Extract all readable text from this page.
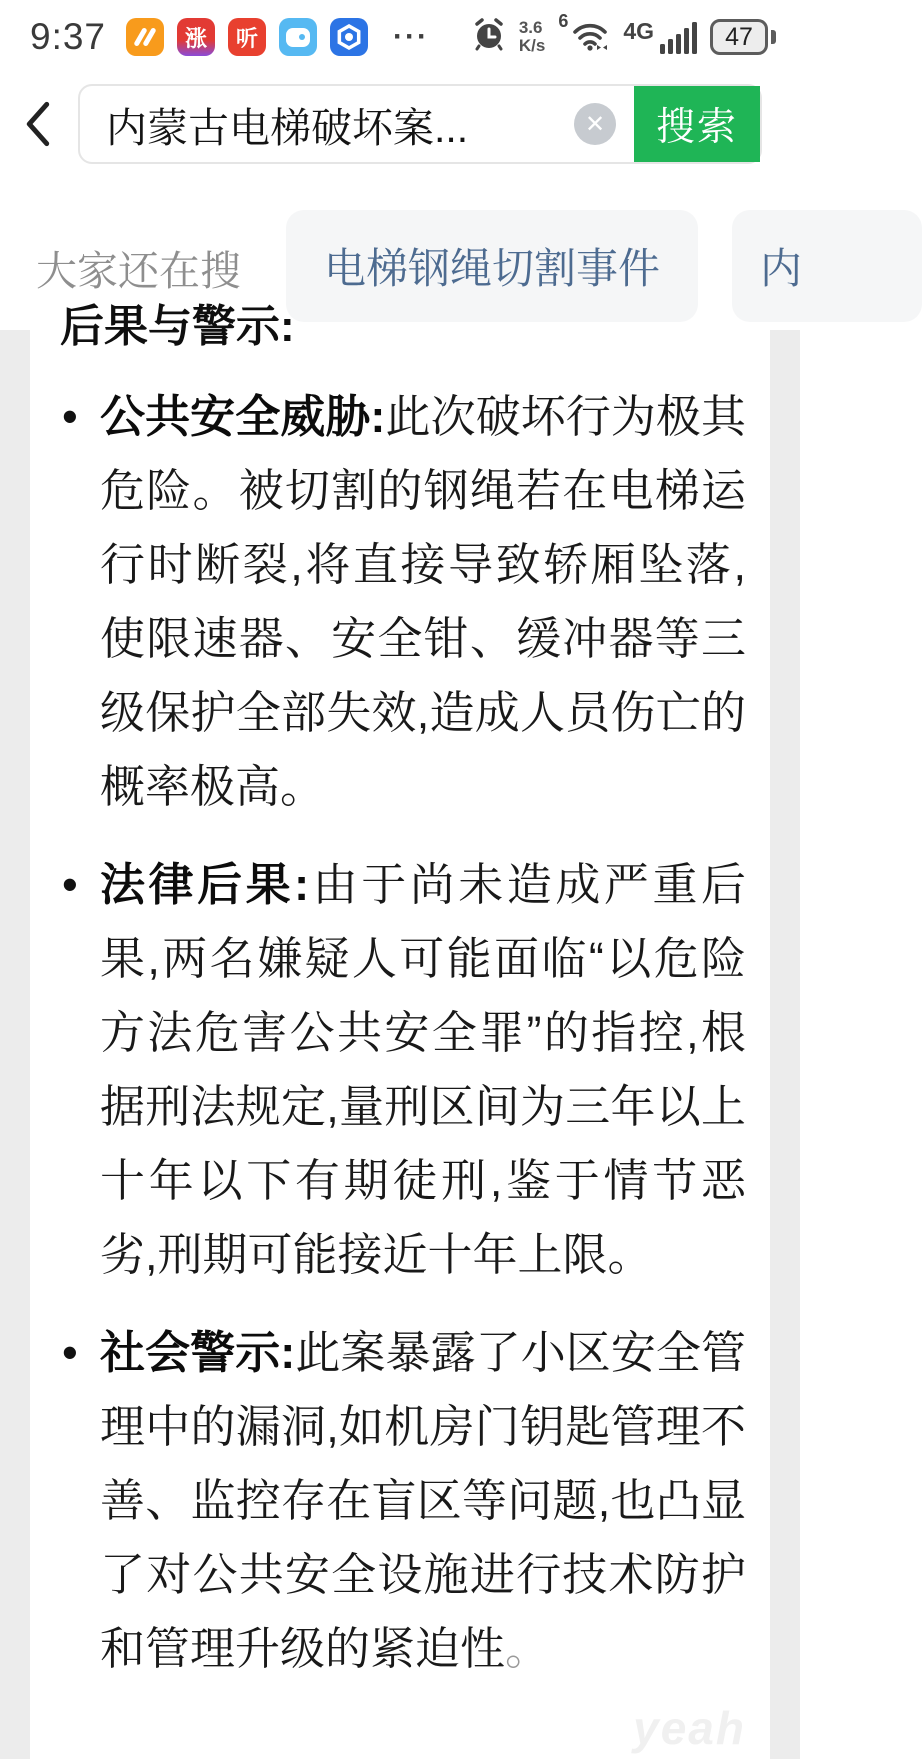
9:37	涨 听	···	3.6
K/s
6 4G	47
内蒙古电梯破坏案...	✕	搜索
大家还在搜	电梯钢绳切割事件	内
后果与警示:
• 公共安全威胁:此次破坏行为极其危险。被切割的钢绳若在电梯运行时断裂,将直接导致轿厢坠落,使限速器、安全钳、缓冲器等三级保护全部失效,造成人员伤亡的概率极高。
• 法律后果:由于尚未造成严重后果,两名嫌疑人可能面临“以危险方法危害公共安全罪”的指控,根据刑法规定,量刑区间为三年以上十年以下有期徒刑,鉴于情节恶劣,刑期可能接近十年上限。
• 社会警示:此案暴露了小区安全管理中的漏洞,如机房门钥匙管理不善、监控存在盲区等问题,也凸显了对公共安全设施进行技术防护和管理升级的紧迫性。
yeah
